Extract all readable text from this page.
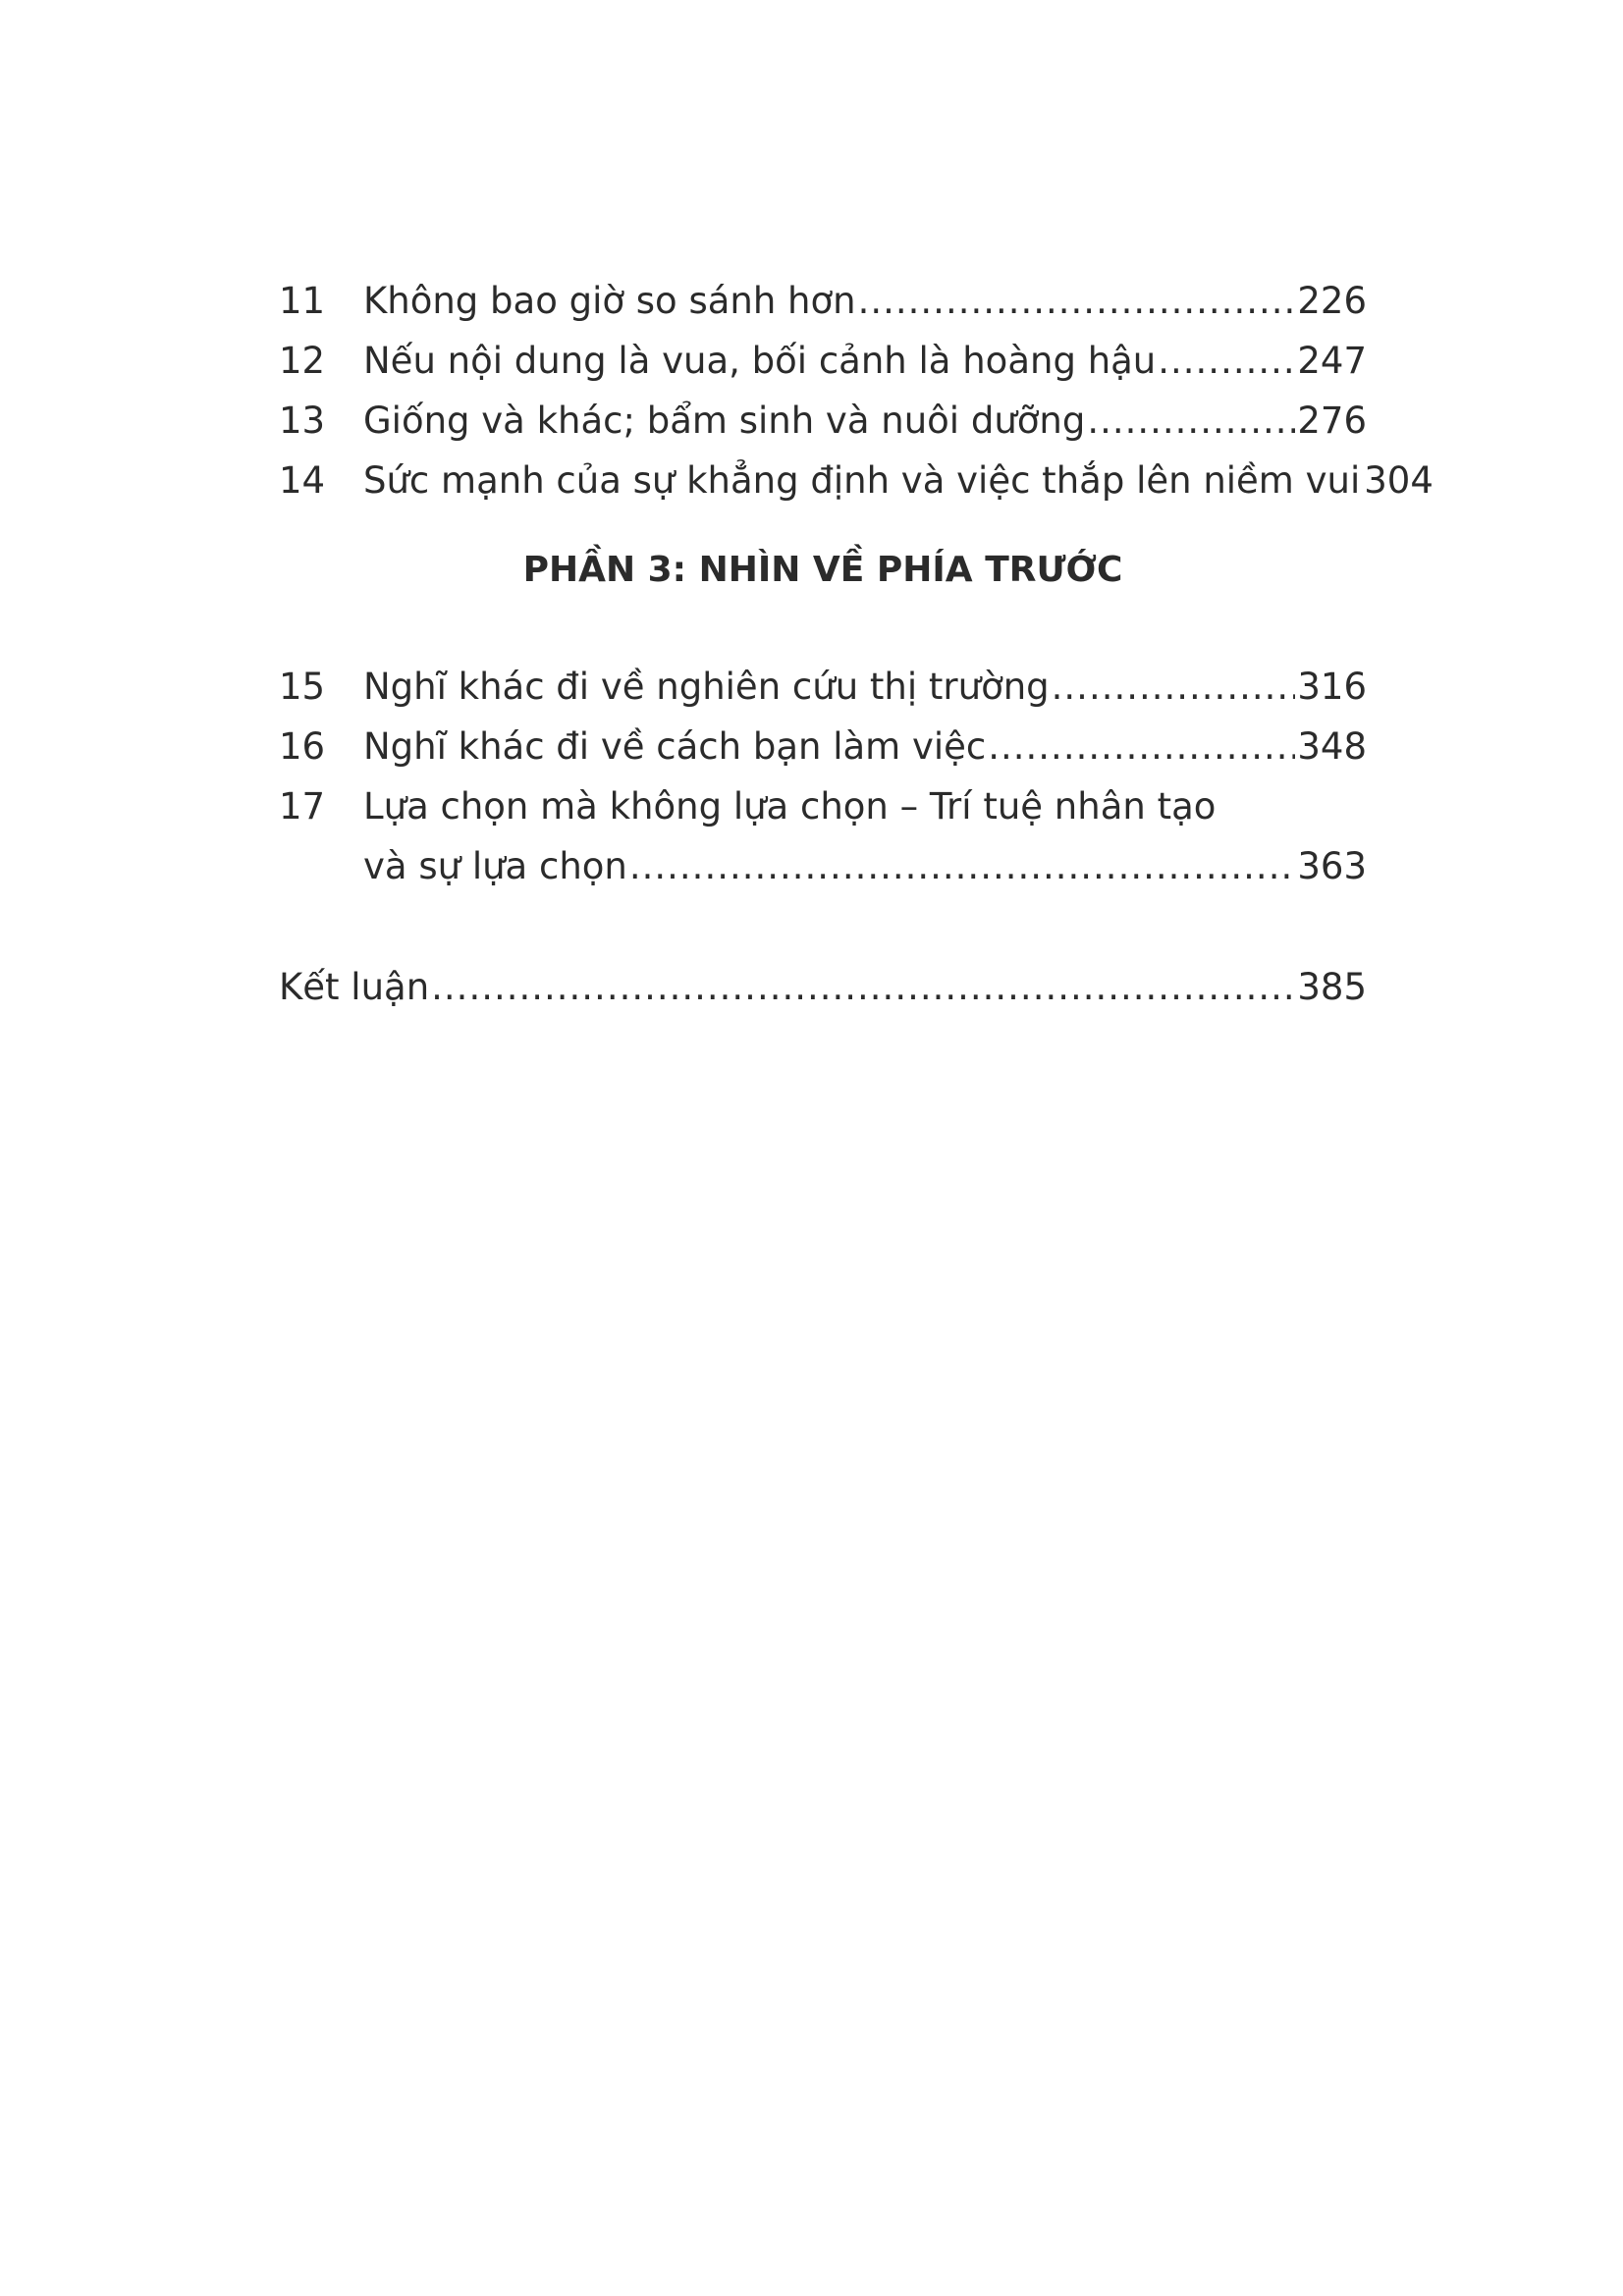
11	Không bao giờ so sánh hơn .....	226
12	Nếu nội dung là vua, bối cảnh là hoàng hậu .....	247
13	Giống và khác; bẩm sinh và nuôi dưỡng .....	276
14	Sức mạnh của sự khẳng định và việc thắp lên niềm vui 304
PHẦN 3: NHÌN VỀ PHÍA TRƯỚC
15	Nghĩ khác đi về nghiên cứu thị trường .....	316
16	Nghĩ khác đi về cách bạn làm việc .....	348
17	Lựa chọn mà không lựa chọn – Trí tuệ nhân tạo
và sự lựa chọn .....	363
Kết luận .....	385
